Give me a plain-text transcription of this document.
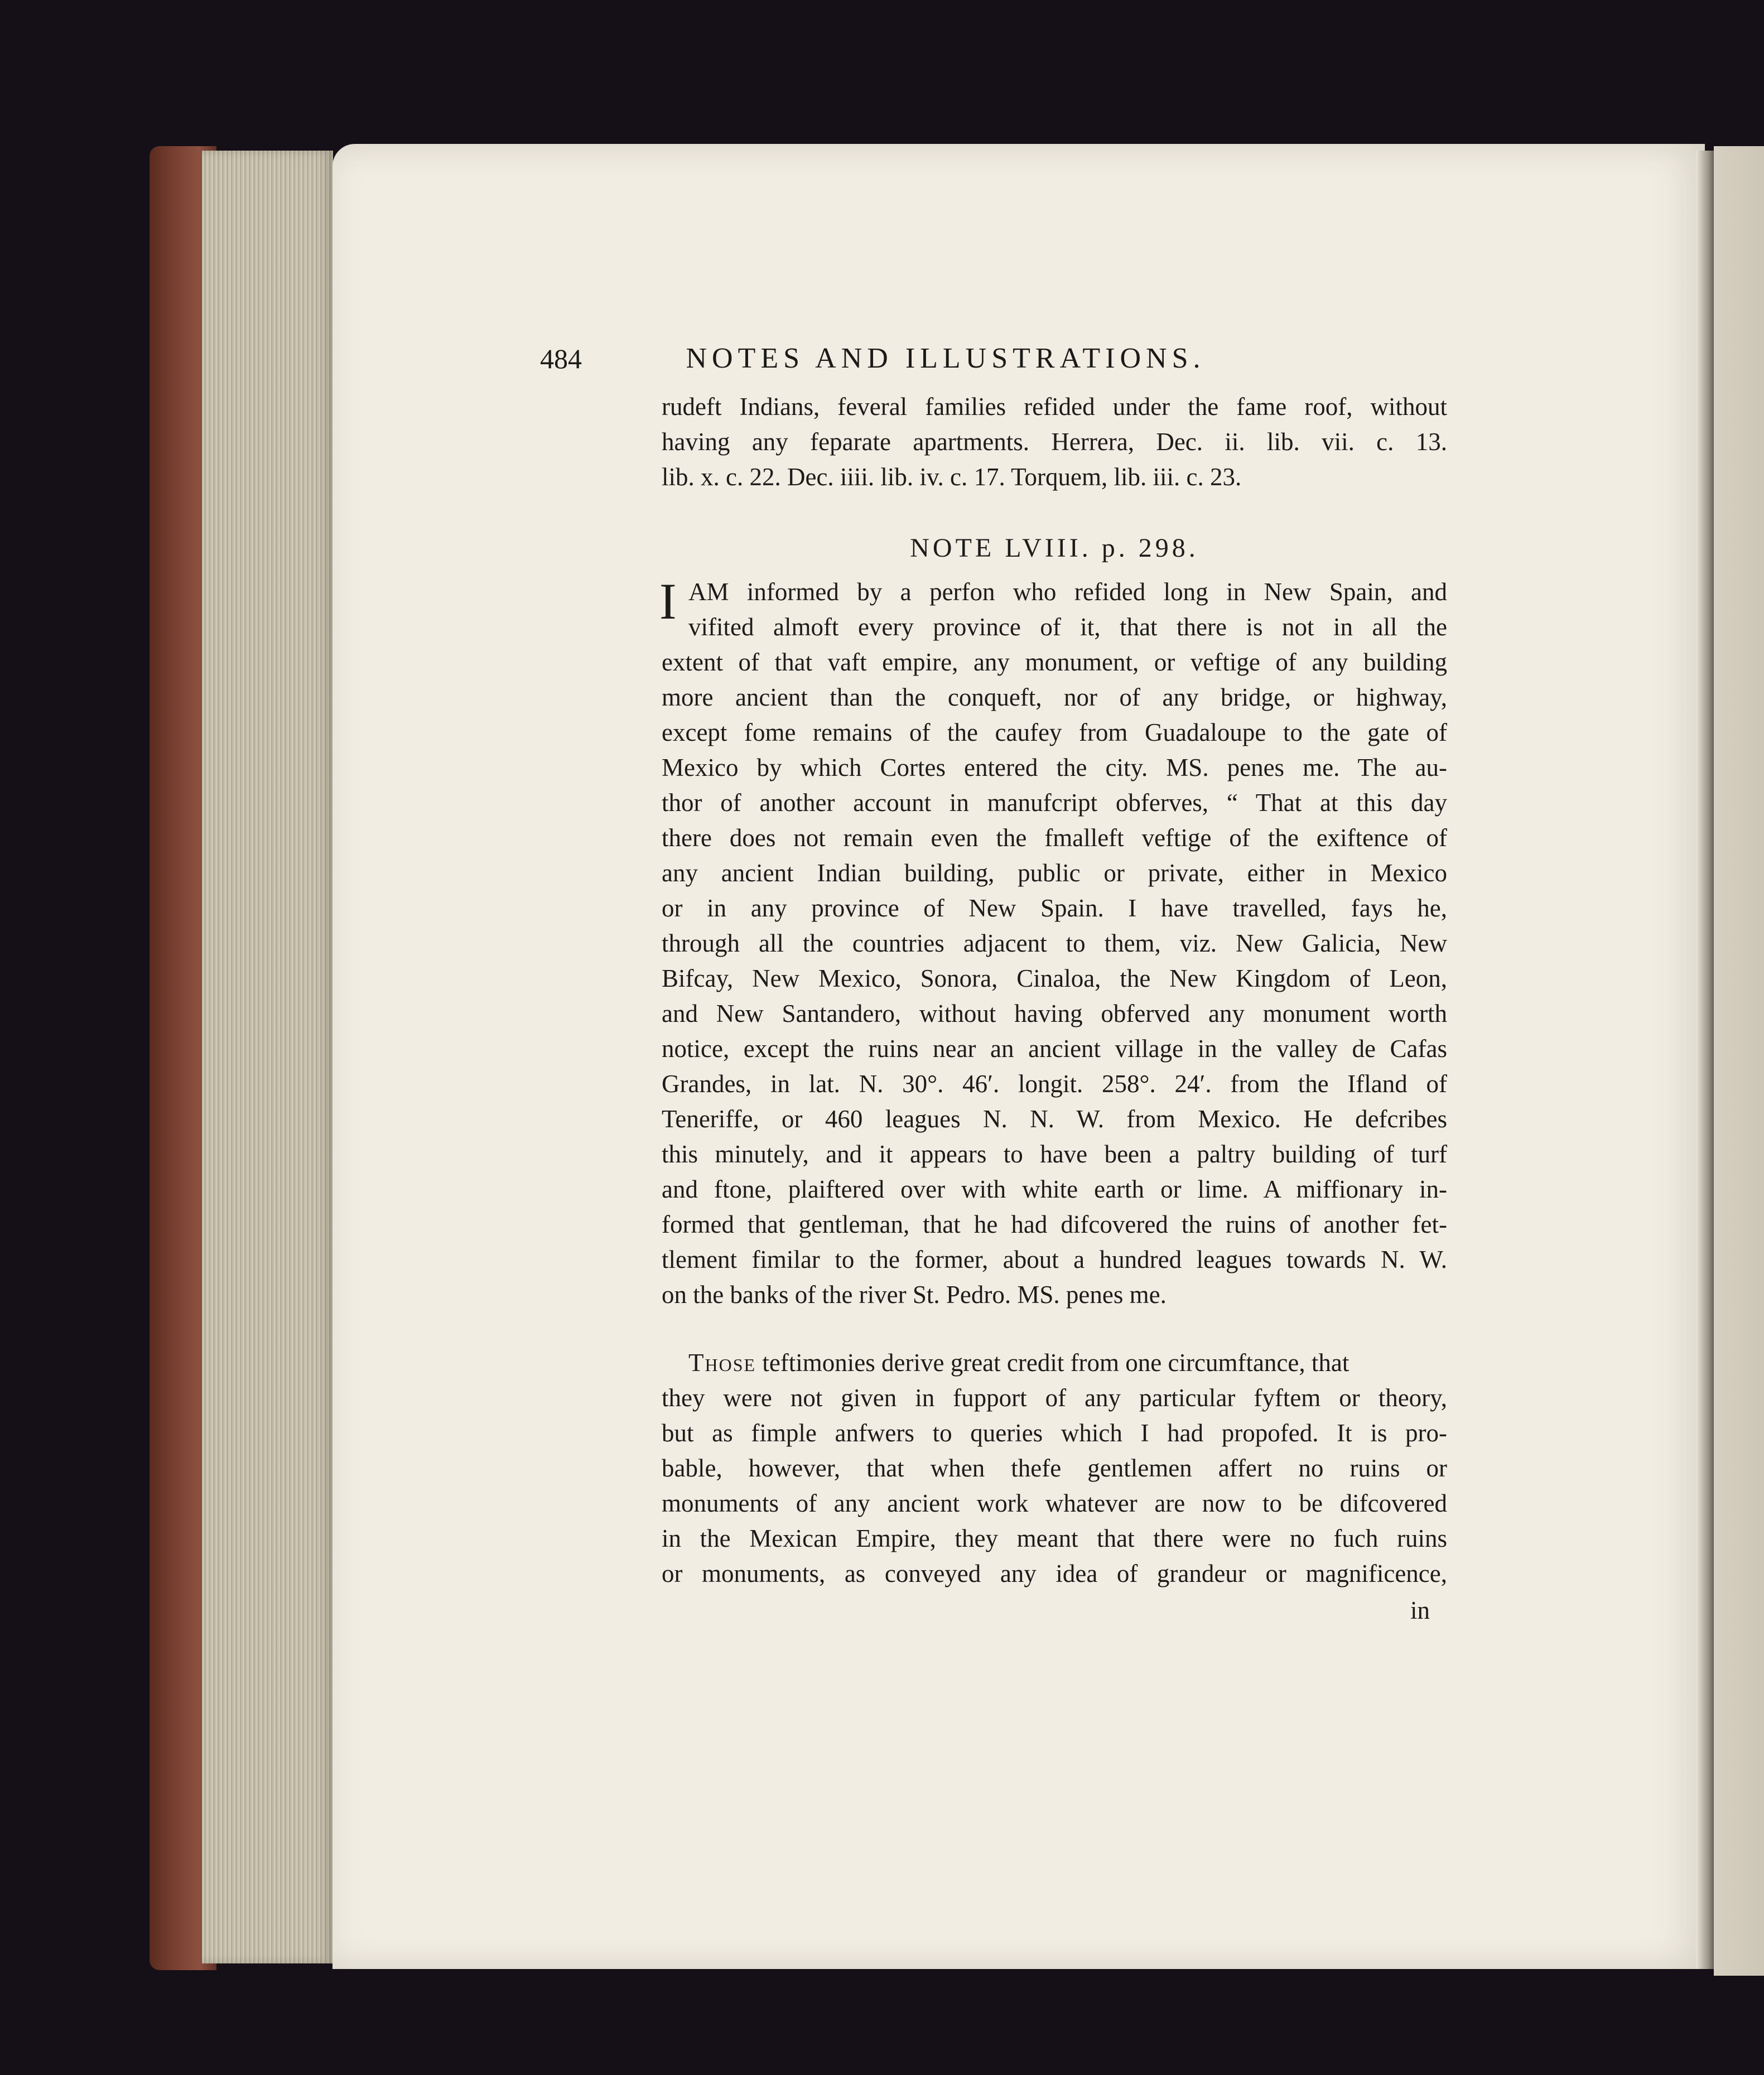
484	NOTES AND ILLUSTRATIONS.
rudeft Indians, feveral families refided under the fame roof, without
having any feparate apartments. Herrera, Dec. ii. lib. vii. c. 13.
lib. x. c. 22. Dec. iiii. lib. iv. c. 17. Torquem, lib. iii. c. 23.
NOTE LVIII. p. 298.
I AM informed by a perfon who refided long in New Spain, and
vifited almoft every province of it, that there is not in all the
extent of that vaft empire, any monument, or veftige of any building
more ancient than the conqueft, nor of any bridge, or highway,
except fome remains of the caufey from Guadaloupe to the gate of
Mexico by which Cortes entered the city. MS. penes me. The au-
thor of another account in manufcript obferves, “ That at this day
there does not remain even the fmalleft veftige of the exiftence of
any ancient Indian building, public or private, either in Mexico
or in any province of New Spain. I have travelled, fays he,
through all the countries adjacent to them, viz. New Galicia, New
Bifcay, New Mexico, Sonora, Cinaloa, the New Kingdom of Leon,
and New Santandero, without having obferved any monument worth
notice, except the ruins near an ancient village in the valley de Cafas
Grandes, in lat. N. 30°. 46′. longit. 258°. 24′. from the Ifland of
Teneriffe, or 460 leagues N. N. W. from Mexico. He defcribes
this minutely, and it appears to have been a paltry building of turf
and ftone, plaiftered over with white earth or lime. A miffionary in-
formed that gentleman, that he had difcovered the ruins of another fet-
tlement fimilar to the former, about a hundred leagues towards N. W.
on the banks of the river St. Pedro. MS. penes me.
Those teftimonies derive great credit from one circumftance, that
they were not given in fupport of any particular fyftem or theory,
but as fimple anfwers to queries which I had propofed. It is pro-
bable, however, that when thefe gentlemen affert no ruins or
monuments of any ancient work whatever are now to be difcovered
in the Mexican Empire, they meant that there were no fuch ruins
or monuments, as conveyed any idea of grandeur or magnificence,
in
